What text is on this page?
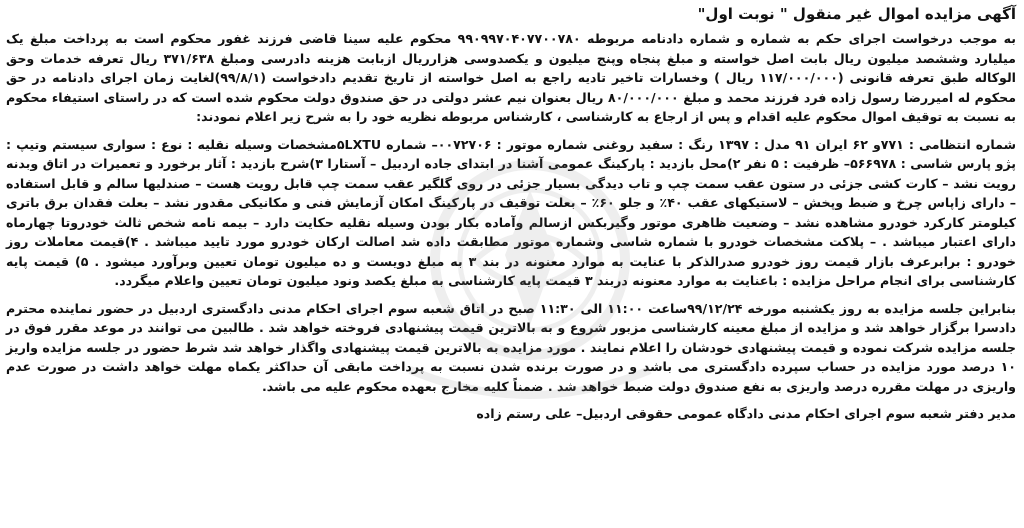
آگهی مزایده اموال غیر منقول " نوبت اول"

به موجب درخواست اجرای حکم به شماره و شماره دادنامه مربوطه ۹۹۰۹۹۷۰۴۰۷۷۰۰۷۸۰ محکوم علیه سینا قاضی فرزند غفور محکوم است به پرداخت مبلغ یک میلیارد وششصد میلیون ریال بابت اصل خواسته و مبلغ پنجاه وپنج میلیون و یکصدوسی هزارریال ازبابت هزینه دادرسی ومبلغ ۳۷۱/۶۳۸ ریال تعرفه خدمات وحق الوکاله طبق تعرفه قانونی (۱۱۷/۰۰۰/۰۰۰ ریال ) وخسارات تاخیر تادیه راجع به اصل خواسته از تاریخ تقدیم دادخواست (۹۹/۸/۱)لغایت زمان اجرای دادنامه در حق محکوم له امیررضا رسول زاده فرد فرزند محمد و مبلغ ۸۰/۰۰۰/۰۰۰ ریال بعنوان نیم عشر دولتی در حق صندوق دولت محکوم شده است که در راستای استیفاء محکوم به نسبت به توقیف اموال محکوم علیه اقدام و پس از ارجاع به کارشناسی ، کارشناس مربوطه نظریه خود را به شرح زیر اعلام نمودند:

شماره انتظامی : ۷۷۱و ۶۲ ایران ۹۱ مدل : ۱۳۹۷ رنگ : سفید روغنی شماره موتور : ۰۰۷۲۷۰۶– شماره ۵LXTUمشخصات وسیله نقلیه : نوع : سواری سیستم وتیپ : پژو پارس شاسی : ۵۶۶۹۷۸– ظرفیت : ۵ نفر ۲)محل بازدید : پارکینگ عمومی آشنا در ابتدای جاده اردبیل – آستارا ۳)شرح بازدید : آثار برخورد و تعمیرات در اتاق وبدنه رویت نشد – کارت کشی جزئی در ستون عقب سمت چپ و تاب دیدگی بسیار جزئی در روی گلگیر عقب سمت چپ قابل رویت هست – صندلیها سالم و قابل استفاده – دارای زاپاس چرخ و ضبط وپخش – لاستیکهای عقب ۴۰٪ و جلو ۶۰٪ – بعلت توقیف در پارکینگ امکان آزمایش فنی و مکانیکی مقدور نشد – بعلت فقدان برق باتری کیلومتر کارکرد خودرو مشاهده نشد – وضعیت ظاهری موتور وگیربکس ازسالم وآماده بکار بودن وسیله نقلیه حکایت دارد – بیمه نامه شخص ثالث خودروتا چهارماه دارای اعتبار میباشد . – پلاکت مشخصات خودرو با شماره شاسی وشماره موتور مطابقت داده شد اصالت ارکان خودرو مورد تایید میباشد . ۴)قیمت معاملات روز خودرو : برابرعرف بازار قیمت روز خودرو صدرالذکر با عنایت به موارد معنونه در بند ۳ به مبلغ دویست و ده میلیون تومان تعیین وبرآورد میشود . ۵) قیمت پایه کارشناسی برای انجام مراحل مزایده : باعنایت به موارد معنونه دربند ۳ قیمت پایه کارشناسی به مبلغ یکصد ونود میلیون تومان تعیین واعلام میگردد.

بنابراین جلسه مزایده به روز یکشنبه مورخه ۹۹/۱۲/۲۴ساعت ۱۱:۰۰ الی ۱۱:۳۰ صبح در اتاق شعبه سوم اجرای احکام مدنی دادگستری اردبیل در حضور نماینده محترم دادسرا برگزار خواهد شد و مزایده از مبلغ معینه کارشناسی مزبور شروع و به بالاترین قیمت پیشنهادی فروخته خواهد شد . طالبین می توانند در موعد مقرر فوق در جلسه مزایده شرکت نموده و قیمت پیشنهادی خودشان را اعلام نمایند . مورد مزایده به بالاترین قیمت پیشنهادی واگذار خواهد شد شرط حضور در جلسه مزایده واریز ۱۰ درصد مورد مزایده در حساب سپرده دادگستری می باشد و در صورت برنده شدن نسبت به پرداخت مابقی آن حداکثر یکماه مهلت خواهد داشت در صورت عدم واریزی در مهلت مقرره درصد واریزی به نفع صندوق دولت ضبط خواهد شد . ضمناً کلیه مخارج بعهده محکوم علیه می باشد.

مدیر دفتر شعبه سوم اجرای احکام مدنی دادگاه عمومی حقوقی اردبیل– علی رستم زاده
